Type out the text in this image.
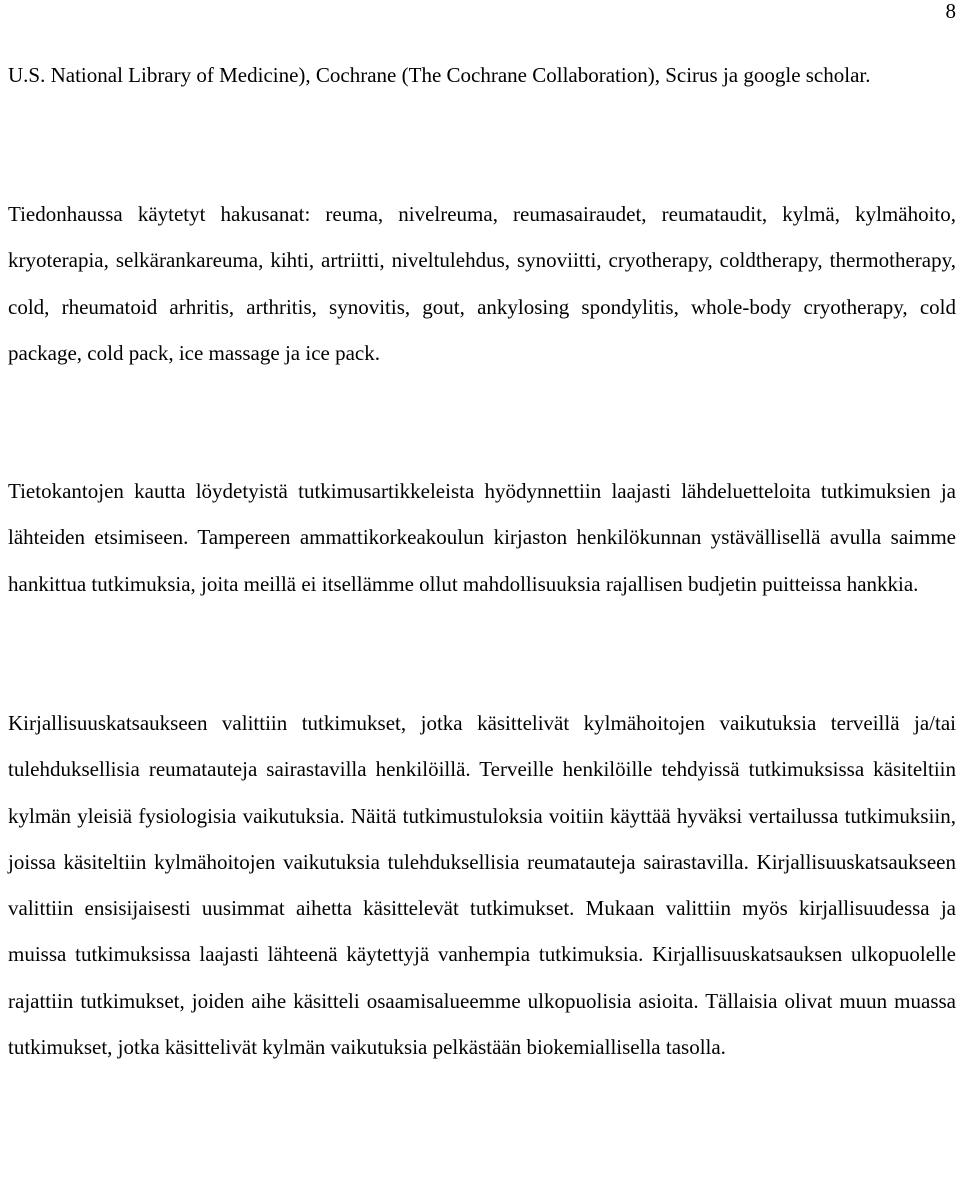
8

U.S. National Library of Medicine), Cochrane (The Cochrane Collaboration), Scirus ja google scholar.

Tiedonhaussa käytetyt hakusanat: reuma, nivelreuma, reumasairaudet, reumataudit, kylmä, kylmähoito, kryoterapia, selkärankareuma, kihti, artriitti, niveltulehdus, synoviitti, cryotherapy, coldtherapy, thermotherapy, cold, rheumatoid arhritis, arthritis, synovitis, gout, ankylosing spondylitis, whole-body cryotherapy, cold package, cold pack, ice massage ja ice pack.

Tietokantojen kautta löydetyistä tutkimusartikkeleista hyödynnettiin laajasti lähdeluetteloita tutkimuksien ja lähteiden etsimiseen. Tampereen ammattikorkeakoulun kirjaston henkilökunnan ystävällisellä avulla saimme hankittua tutkimuksia, joita meillä ei itsellämme ollut mahdollisuuksia rajallisen budjetin puitteissa hankkia.

Kirjallisuuskatsaukseen valittiin tutkimukset, jotka käsittelivät kylmähoitojen vaikutuksia terveillä ja/tai tulehduksellisia reumatauteja sairastavilla henkilöillä. Terveille henkilöille tehdyissä tutkimuksissa käsiteltiin kylmän yleisiä fysiologisia vaikutuksia. Näitä tutkimustuloksia voitiin käyttää hyväksi vertailussa tutkimuksiin, joissa käsiteltiin kylmähoitojen vaikutuksia tulehduksellisia reumatauteja sairastavilla. Kirjallisuuskatsaukseen valittiin ensisijaisesti uusimmat aihetta käsittelevät tutkimukset. Mukaan valittiin myös kirjallisuudessa ja muissa tutkimuksissa laajasti lähteenä käytettyjä vanhempia tutkimuksia. Kirjallisuuskatsauksen ulkopuolelle rajattiin tutkimukset, joiden aihe käsitteli osaamisalueemme ulkopuolisia asioita. Tällaisia olivat muun muassa tutkimukset, jotka käsittelivät kylmän vaikutuksia pelkästään biokemiallisella tasolla.
